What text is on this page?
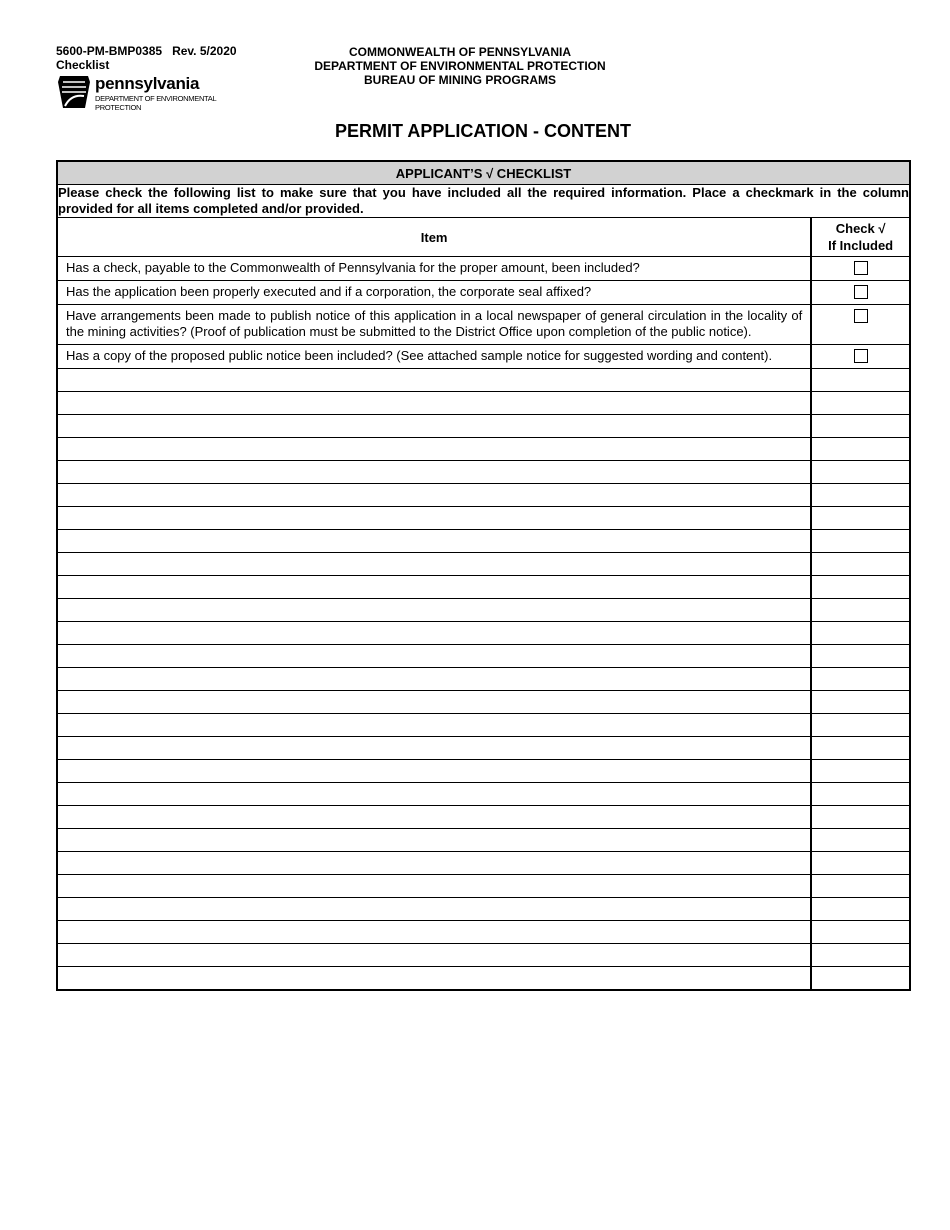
5600-PM-BMP0385 Rev. 5/2020
Checklist
pennsylvania
DEPARTMENT OF ENVIRONMENTAL
PROTECTION
COMMONWEALTH OF PENNSYLVANIA
DEPARTMENT OF ENVIRONMENTAL PROTECTION
BUREAU OF MINING PROGRAMS
PERMIT APPLICATION - CONTENT
APPLICANT’S √ CHECKLIST	
Please check the following list to make sure that you have included all the required information. Place a checkmark in the column provided for all items completed and/or provided.	
Item	Check √
If Included

Has a check, payable to the Commonwealth of Pennsylvania for the proper amount, been included?	
Has the application been properly executed and if a corporation, the corporate seal affixed?	
Have arrangements been made to publish notice of this application in a local newspaper of general circulation in the locality of the mining activities? (Proof of publication must be submitted to the District Office upon completion of the public notice).	
Has a copy of the proposed public notice been included? (See attached sample notice for suggested wording and content).	
